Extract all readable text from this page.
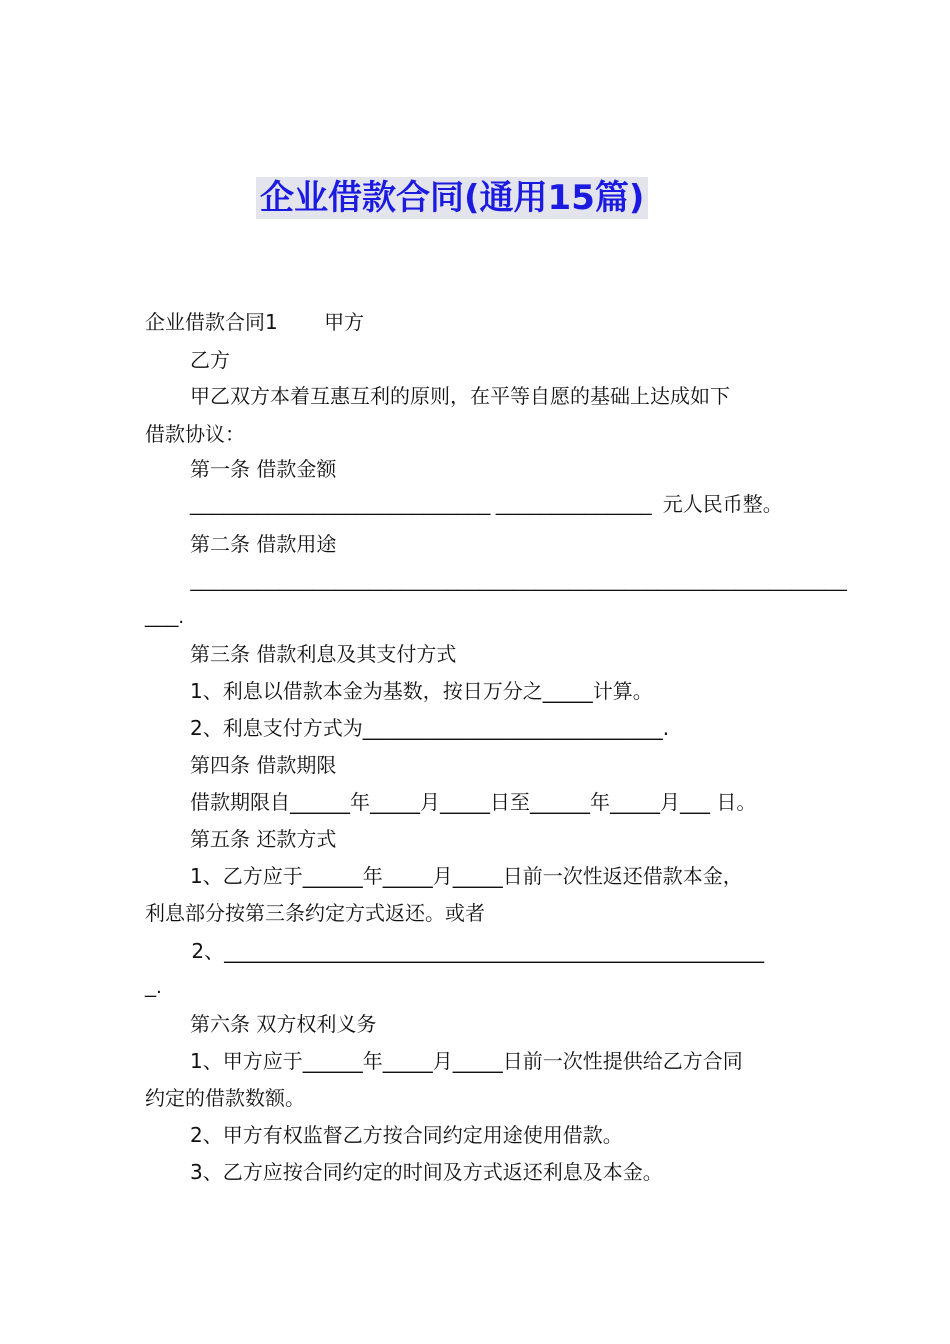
企业借款合同(通用15篇)
企业借款合同1　　 甲方
乙方
甲乙双方本着互惠互利的原则，在平等自愿的基础上达成如下
借款协议：
第一条 借款金额
___________________________ ______________  元人民币整。
第二条 借款用途
___________________________________________________________
___.
第三条 借款利息及其支付方式
1、利息以借款本金为基数，按日万分之_____计算。
2、利息支付方式为______________________________.
第四条 借款期限
借款期限自______年_____月_____日至______年_____月___ 日。
第五条 还款方式
1、乙方应于______年_____月_____日前一次性返还借款本金，
利息部分按第三条约定方式返还。或者
2、______________________________________________________
_.
第六条 双方权利义务
1、甲方应于______年_____月_____日前一次性提供给乙方合同
约定的借款数额。
2、甲方有权监督乙方按合同约定用途使用借款。
3、乙方应按合同约定的时间及方式返还利息及本金。
